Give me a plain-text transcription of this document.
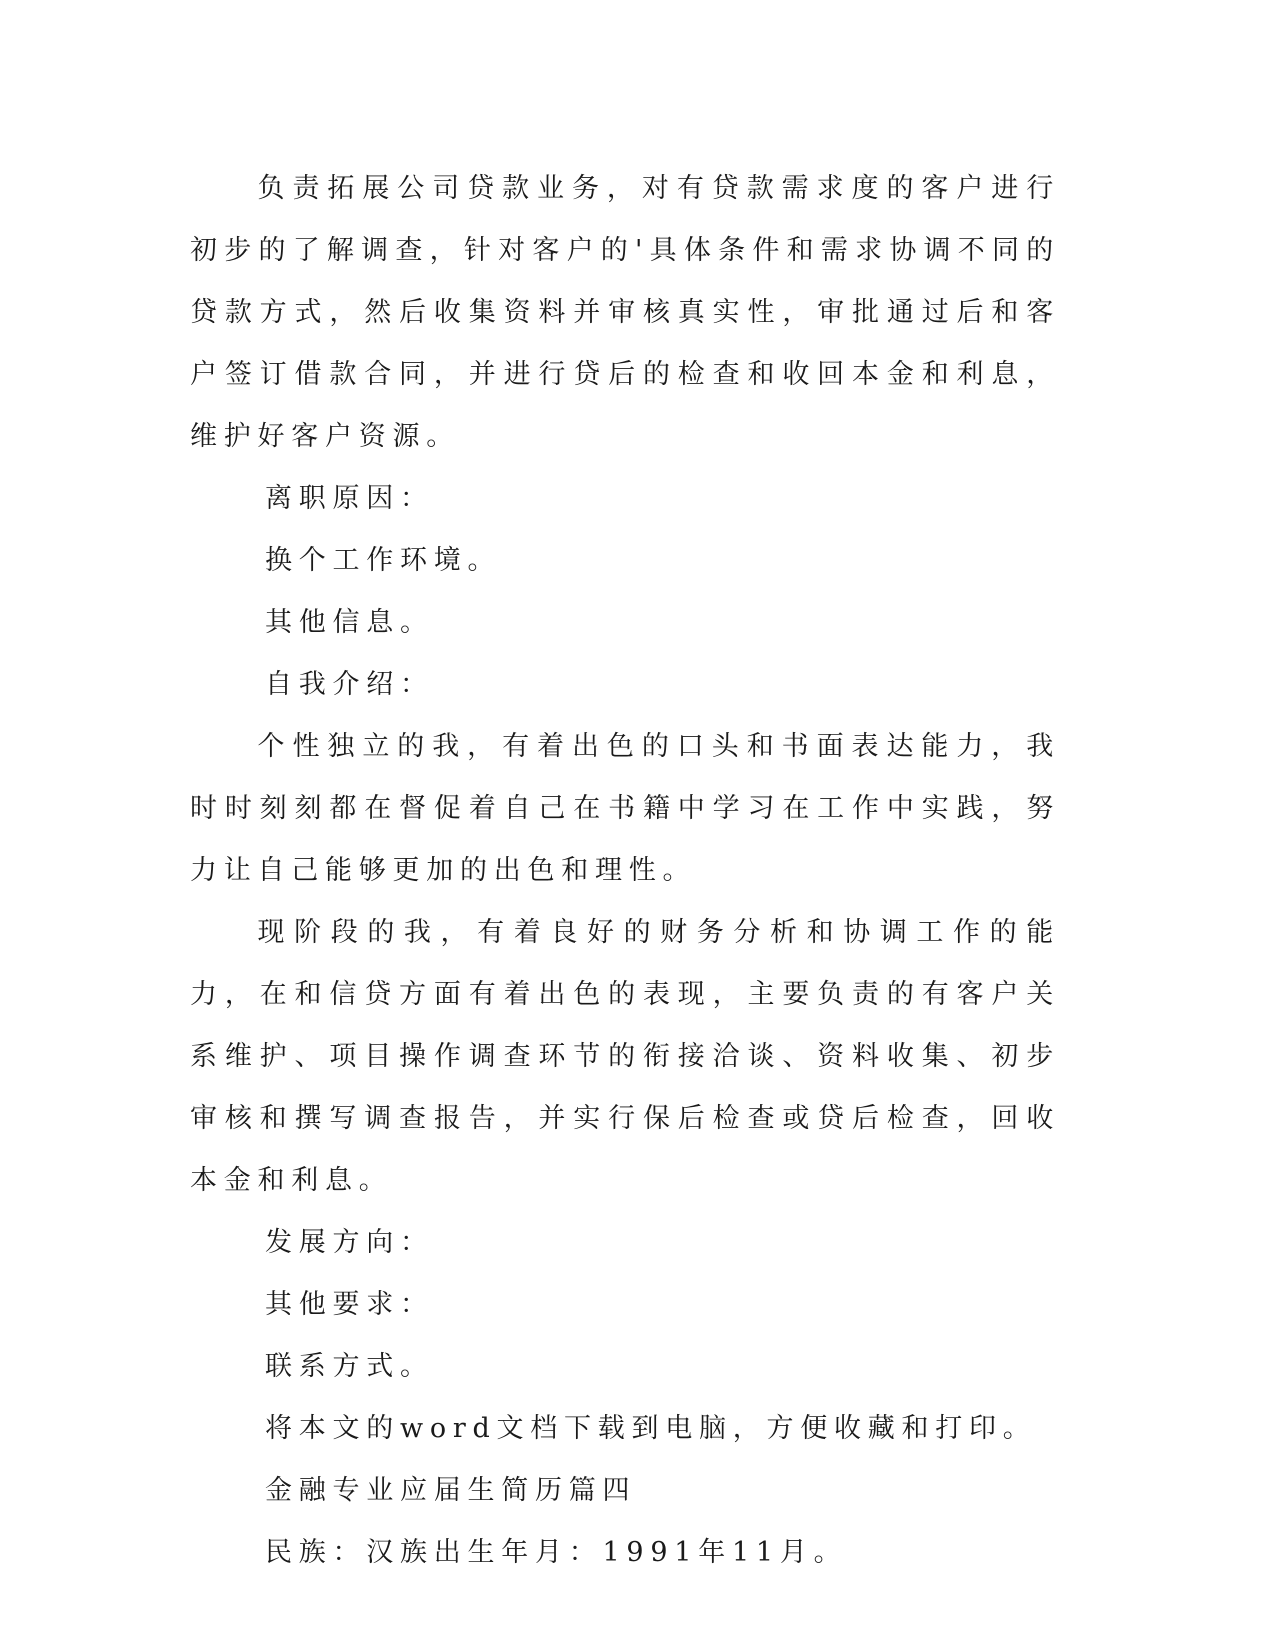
负责拓展公司贷款业务，对有贷款需求度的客户进行初步的了解调查，针对客户的'具体条件和需求协调不同的贷款方式，然后收集资料并审核真实性，审批通过后和客户签订借款合同，并进行贷后的检查和收回本金和利息，维护好客户资源。

离职原因：

换个工作环境。

其他信息。

自我介绍：

个性独立的我，有着出色的口头和书面表达能力，我时时刻刻都在督促着自己在书籍中学习在工作中实践，努力让自己能够更加的出色和理性。

现阶段的我，有着良好的财务分析和协调工作的能力，在和信贷方面有着出色的表现，主要负责的有客户关系维护、项目操作调查环节的衔接洽谈、资料收集、初步审核和撰写调查报告，并实行保后检查或贷后检查，回收本金和利息。

发展方向：

其他要求：

联系方式。

将本文的word文档下载到电脑，方便收藏和打印。

金融专业应届生简历篇四

民族：汉族出生年月：1991年11月。
